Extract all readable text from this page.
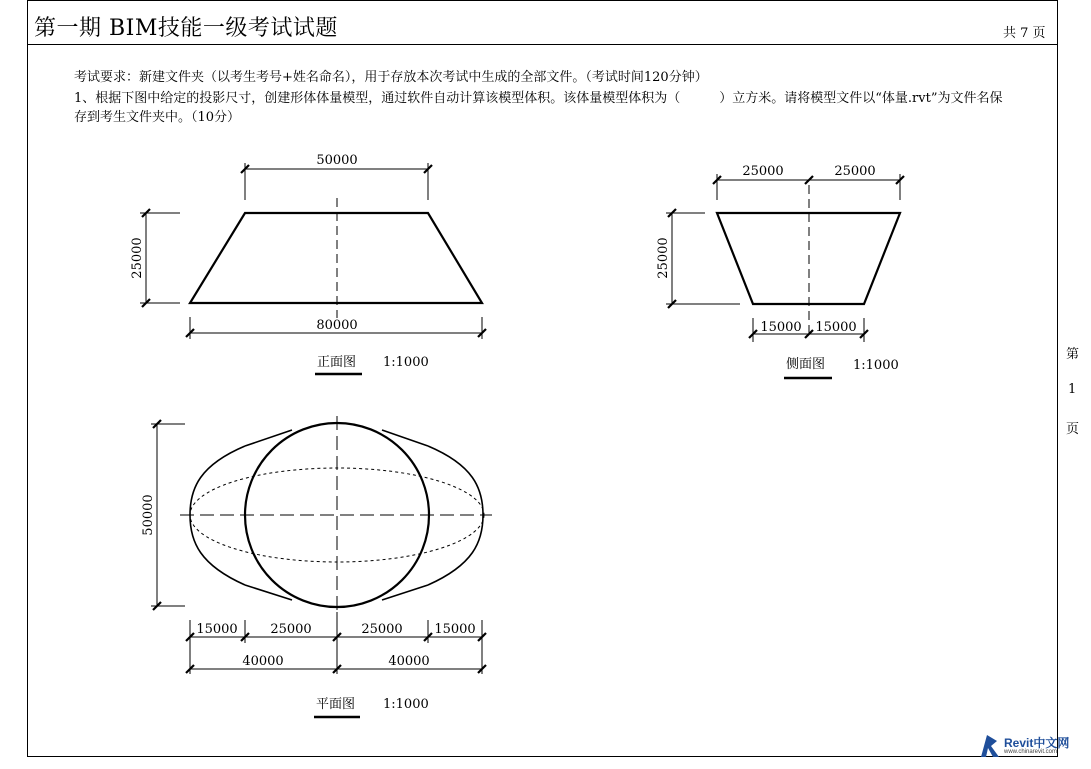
第一期 BIM技能一级考试试题	共 7 页
第
1
页
考试要求：新建文件夹（以考生考号+姓名命名），用于存放本次考试中生成的全部文件。（考试时间120分钟）
1、根据下图中给定的投影尺寸，创建形体体量模型，通过软件自动计算该模型体积。该体量模型体积为（　　　）立方米。请将模型文件以“体量.rvt”为文件名保存到考生文件夹中。（10分）
50000
80000
25000
正面图 1:1000
25000	25000
15000 15000
25000
侧面图 1:1000
50000
15000	25000	25000 15000
40000	40000
平面图 1:1000
Revit中文网
www.chinarevit.com
